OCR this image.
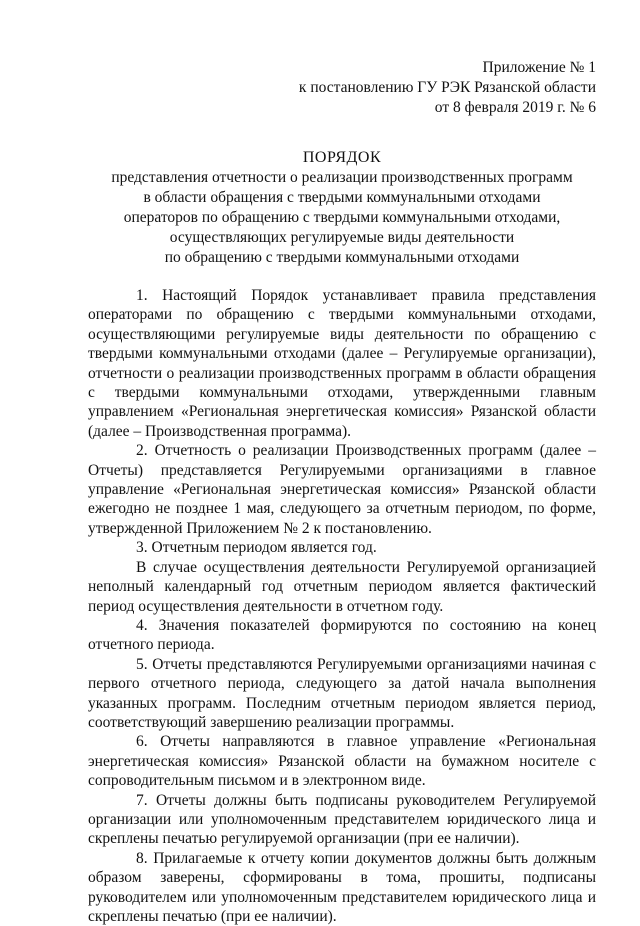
Приложение № 1
к постановлению ГУ РЭК Рязанской области
от 8 февраля 2019 г. № 6
ПОРЯДОК
представления отчетности о реализации производственных программ
в области обращения с твердыми коммунальными отходами
операторов по обращению с твердыми коммунальными отходами,
осуществляющих регулируемые виды деятельности
по обращению с твердыми коммунальными отходами

1. Настоящий Порядок устанавливает правила представления операторами по обращению с твердыми коммунальными отходами, осуществляющими регулируемые виды деятельности по обращению с твердыми коммунальными отходами (далее – Регулируемые организации), отчетности о реализации производственных программ в области обращения с твердыми коммунальными отходами, утвержденными главным управлением «Региональная энергетическая комиссия» Рязанской области (далее – Производственная программа).

2. Отчетность о реализации Производственных программ (далее – Отчеты) представляется Регулируемыми организациями в главное управление «Региональная энергетическая комиссия» Рязанской области ежегодно не позднее 1 мая, следующего за отчетным периодом, по форме, утвержденной Приложением № 2 к постановлению.

3. Отчетным периодом является год.

В случае осуществления деятельности Регулируемой организацией неполный календарный год отчетным периодом является фактический период осуществления деятельности в отчетном году.

4. Значения показателей формируются по состоянию на конец отчетного периода.

5. Отчеты представляются Регулируемыми организациями начиная с первого отчетного периода, следующего за датой начала выполнения указанных программ. Последним отчетным периодом является период, соответствующий завершению реализации программы.

6. Отчеты направляются в главное управление «Региональная энергетическая комиссия» Рязанской области на бумажном носителе с сопроводительным письмом и в электронном виде.

7. Отчеты должны быть подписаны руководителем Регулируемой организации или уполномоченным представителем юридического лица и скреплены печатью регулируемой организации (при ее наличии).

8. Прилагаемые к отчету копии документов должны быть должным образом заверены, сформированы в тома, прошиты, подписаны руководителем или уполномоченным представителем юридического лица и скреплены печатью (при ее наличии).
